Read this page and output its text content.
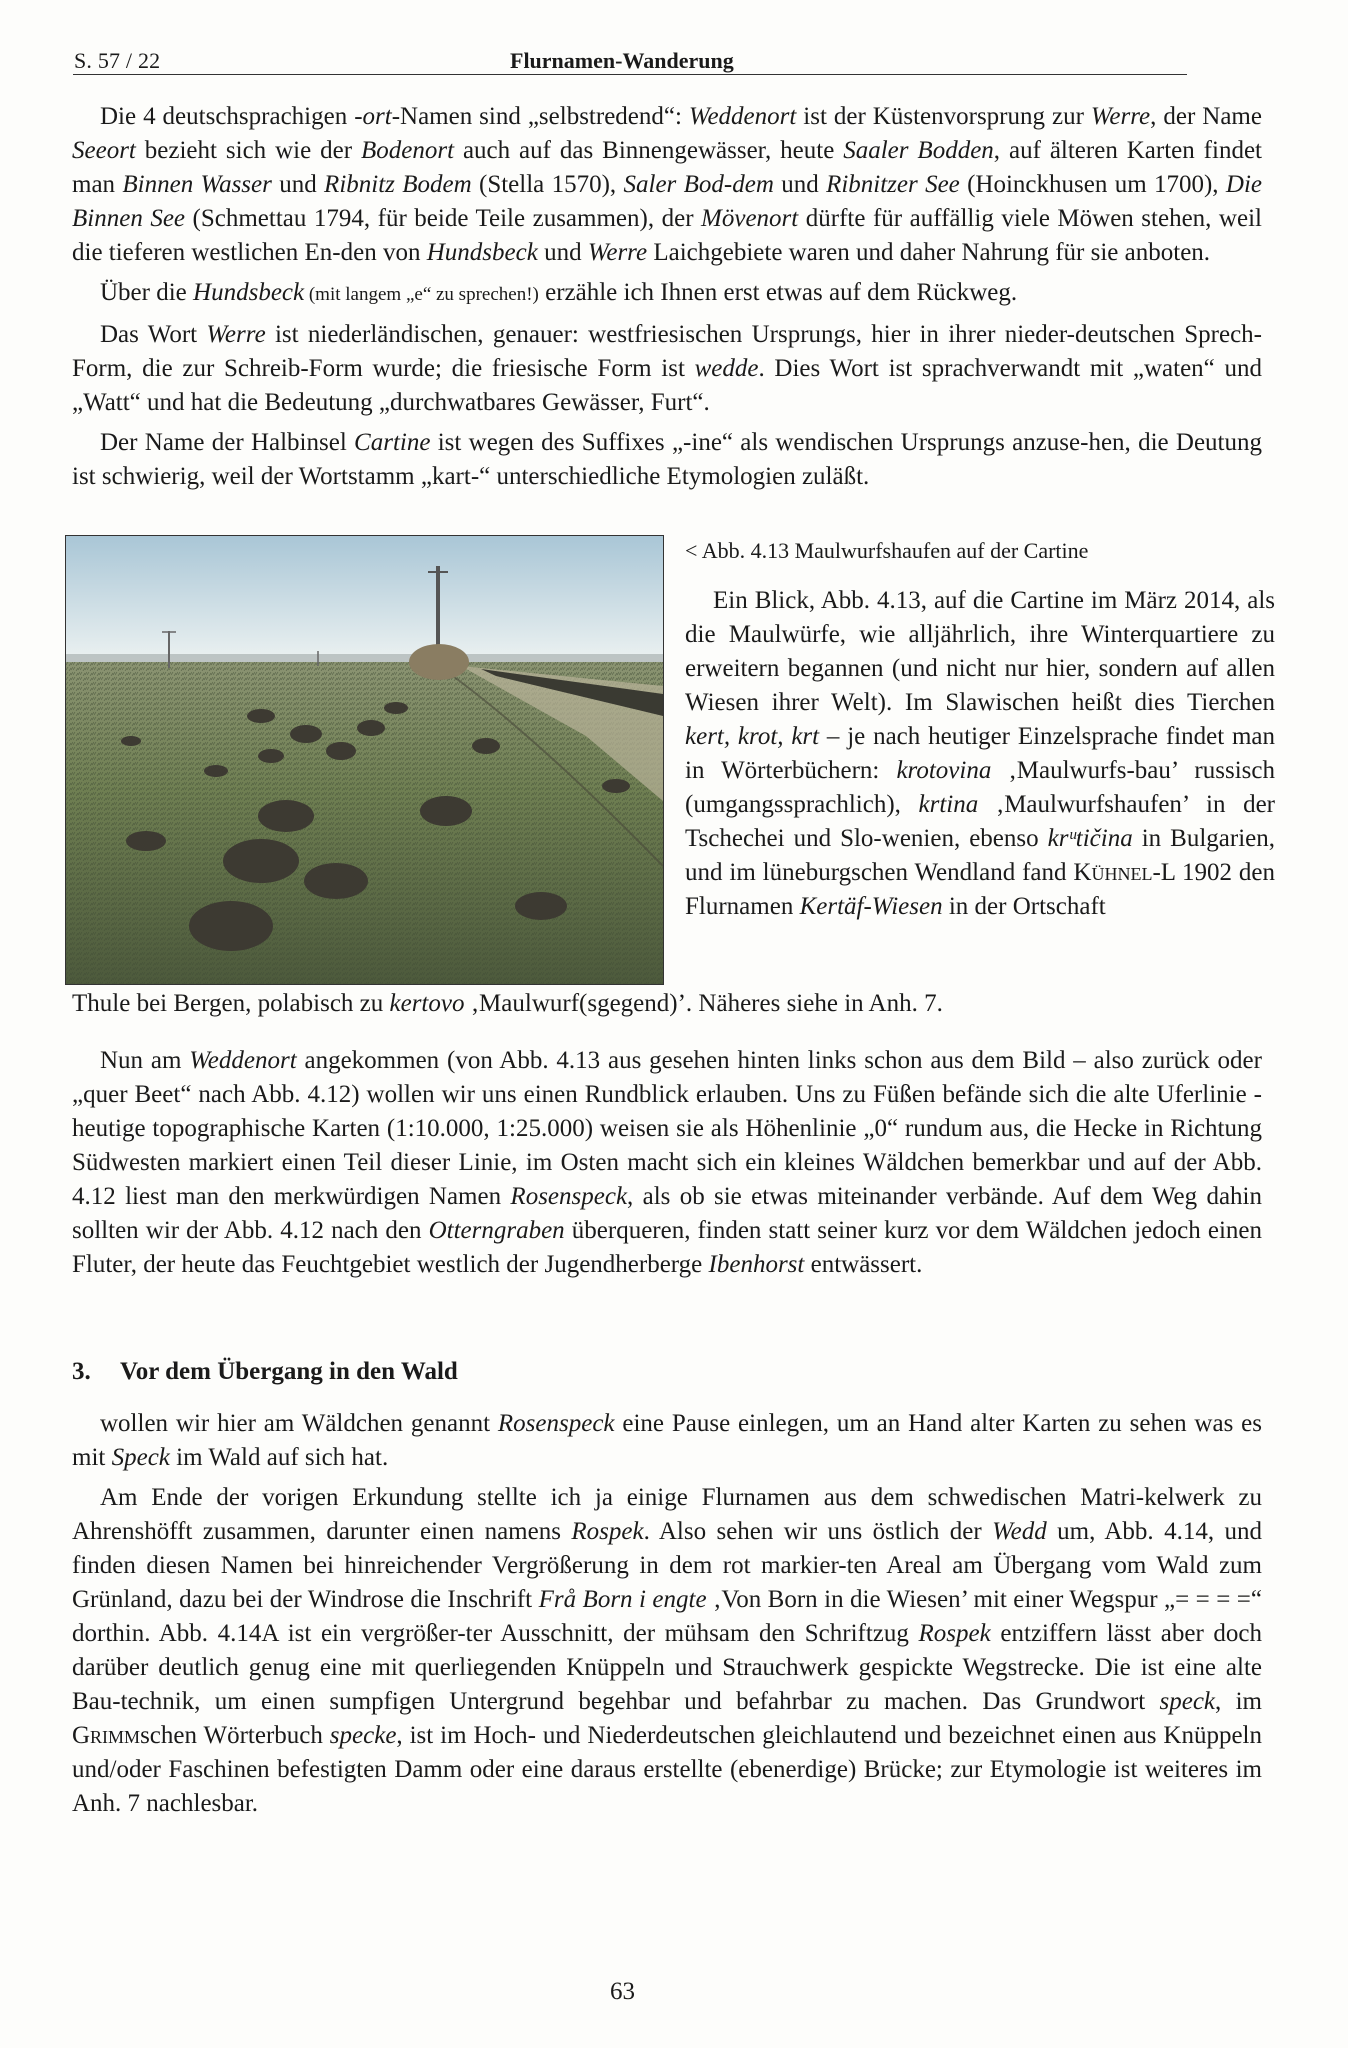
S. 57 / 22	Flurnamen-Wanderung

Die 4 deutschsprachigen -ort-Namen sind „selbstredend“: Weddenort ist der Küstenvorsprung zur Werre, der Name Seeort bezieht sich wie der Bodenort auch auf das Binnengewässer, heute Saaler Bodden, auf älteren Karten findet man Binnen Wasser und Ribnitz Bodem (Stella 1570), Saler Bod-dem und Ribnitzer See (Hoinckhusen um 1700), Die Binnen See (Schmettau 1794, für beide Teile zusammen), der Mövenort dürfte für auffällig viele Möwen stehen, weil die tieferen westlichen En-den von Hundsbeck und Werre Laichgebiete waren und daher Nahrung für sie anboten.

Über die Hundsbeck (mit langem „e“ zu sprechen!) erzähle ich Ihnen erst etwas auf dem Rückweg.

Das Wort Werre ist niederländischen, genauer: westfriesischen Ursprungs, hier in ihrer nieder-deutschen Sprech-Form, die zur Schreib-Form wurde; die friesische Form ist wedde. Dies Wort ist sprachverwandt mit „waten“ und „Watt“ und hat die Bedeutung „durchwatbares Gewässer, Furt“.

Der Name der Halbinsel Cartine ist wegen des Suffixes „-ine“ als wendischen Ursprungs anzuse-hen, die Deutung ist schwierig, weil der Wortstamm „kart-“ unterschiedliche Etymologien zuläßt.

< Abb. 4.13 Maulwurfshaufen auf der Cartine

Ein Blick, Abb. 4.13, auf die Cartine im März 2014, als die Maulwürfe, wie alljährlich, ihre Winterquartiere zu erweitern begannen (und nicht nur hier, sondern auf allen Wiesen ihrer Welt). Im Slawischen heißt dies Tierchen kert, krot, krt – je nach heutiger Einzelsprache findet man in Wörterbüchern: krotovina ‚Maulwurfs-bau’ russisch (umgangssprachlich), krtina ‚Maulwurfshaufen’ in der Tschechei und Slo-wenien, ebenso krᵘtičina in Bulgarien, und im lüneburgschen Wendland fand Kühnel-L 1902 den Flurnamen Kertäf-Wiesen in der Ortschaft

Thule bei Bergen, polabisch zu kertovo ‚Maulwurf(sgegend)’. Näheres siehe in Anh. 7.

Nun am Weddenort angekommen (von Abb. 4.13 aus gesehen hinten links schon aus dem Bild – also zurück oder „quer Beet“ nach Abb. 4.12) wollen wir uns einen Rundblick erlauben. Uns zu Füßen befände sich die alte Uferlinie - heutige topographische Karten (1:10.000, 1:25.000) weisen sie als Höhenlinie „0“ rundum aus, die Hecke in Richtung Südwesten markiert einen Teil dieser Linie, im Osten macht sich ein kleines Wäldchen bemerkbar und auf der Abb. 4.12 liest man den merkwürdigen Namen Rosenspeck, als ob sie etwas miteinander verbände. Auf dem Weg dahin sollten wir der Abb. 4.12 nach den Otterngraben überqueren, finden statt seiner kurz vor dem Wäldchen jedoch einen Fluter, der heute das Feuchtgebiet westlich der Jugendherberge Ibenhorst entwässert.

3. Vor dem Übergang in den Wald

wollen wir hier am Wäldchen genannt Rosenspeck eine Pause einlegen, um an Hand alter Karten zu sehen was es mit Speck im Wald auf sich hat.

Am Ende der vorigen Erkundung stellte ich ja einige Flurnamen aus dem schwedischen Matri-kelwerk zu Ahrenshöfft zusammen, darunter einen namens Rospek. Also sehen wir uns östlich der Wedd um, Abb. 4.14, und finden diesen Namen bei hinreichender Vergrößerung in dem rot markier-ten Areal am Übergang vom Wald zum Grünland, dazu bei der Windrose die Inschrift Frå Born i engte ‚Von Born in die Wiesen’ mit einer Wegspur „= = = =“ dorthin. Abb. 4.14A ist ein vergrößer-ter Ausschnitt, der mühsam den Schriftzug Rospek entziffern lässt aber doch darüber deutlich genug eine mit querliegenden Knüppeln und Strauchwerk gespickte Wegstrecke. Die ist eine alte Bau-technik, um einen sumpfigen Untergrund begehbar und befahrbar zu machen. Das Grundwort speck, im Grimmschen Wörterbuch specke, ist im Hoch- und Niederdeutschen gleichlautend und bezeichnet einen aus Knüppeln und/oder Faschinen befestigten Damm oder eine daraus erstellte (ebenerdige) Brücke; zur Etymologie ist weiteres im Anh. 7 nachlesbar.

63
